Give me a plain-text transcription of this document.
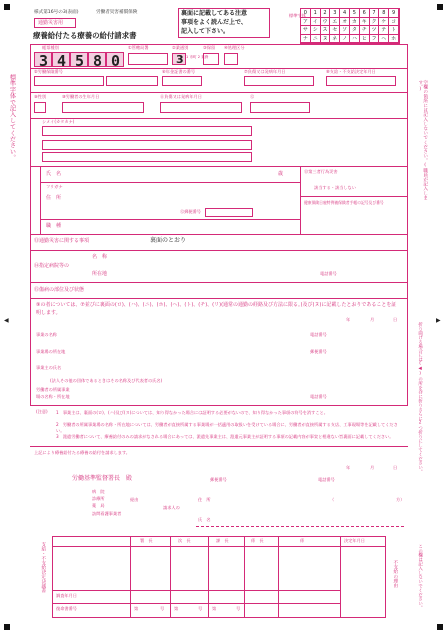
様式第16号の3(表面)	労働者災害補償保険
通勤災害用
療養給付たる療養の給付請求書
裏面に記載してある注意
事項をよく読んだ上で、
記入して下さい。
標準字体
0	1	2	3	4	5	6	7	8	9
ア イ ウ エ オ カ キ ク ケ コ
サ シ ス セ ソ タ チ ツ テ ト
ナ ニ ヌ ネ ノ ハ ヒ フ ヘ ホ
帳票種別
3 4 5 8 0
①管轄局署	②業通別
3
③保留 ④処理区分
1 市町 2 業務
⑤労働保険番号	⑥年金証書の番号	⑦負傷又は発病年月日	⑧支給・不支給決定年月日
⑨性別	⑩労働者の生年月日	⑪負傷又は発病年月日	⑫
シメイ(カタカナ)
氏　名	歳
フリガナ
住　所
⑫郵便番号
職　種
⑬第三者行為災害
該当する・該当しない
健康保険日雇特例被保険者手帳の記号及び番号
⑬通勤災害に関する事項	裏面のとおり
名　称
⑭指定病院等の
所在地	電話番号
⑮傷病の部位及び状態
⑨の者については、⑦並びに裏面の(ロ)、(ハ)、(ニ)、(ホ)、(ヘ)、(ト)、(チ)、(リ)(通常の通勤の経路及び方法に限る。)及び(ヌ)に記載したとおりであることを証明します。
年	月	日
事業の名称	電話番号
事業場の所在地	郵便番号
事業主の氏名
(法人その他の団体であるときはその名称及び代表者の氏名)
労働者の所属事業
場の名称・所在地	電話番号
(注意) 1　事業主は、裏面の(ロ)、(ハ)及び(ヌ)については、知り得なかった場合には証明する必要がないので、知り得なかった事項の符号を消すこと。
2　労働者の所属事業場の名称・所在地については、労働者が直接所属する事業場が一括適用の取扱いを受けている場合に、労働者が直接所属する支店、工事現場等を記載してください。
3　派遣労働者について、療養給付のみの請求がなされる場合にあっては、派遣先事業主は、派遣元事業主が証明する事項の記載内容が事実と相違ない旨裏面に記載してください。
上記により療養給付たる療養の給付を請求します。
年	月	日
郵便番号	電話番号
労働基準監督署長　殿
病　院
診療所
薬　局
訪問看護事業者
経由
請求人の
住　所	（	方）
氏　名
支給・不支給決定決議書
署　長	次　長	課　長	係　長	係	決定年月日
不支給の理由
調査年月日
復命書番号	第	号 第	号 第	号
標準字体で記入してください。	空欄の箇所には記入しないでください。(職員が記入します。)
折り曲げる場合には(◀)の所を谷に折りさらに2つ折りにしてください。
この欄は記入しないでください。
◀	▶
